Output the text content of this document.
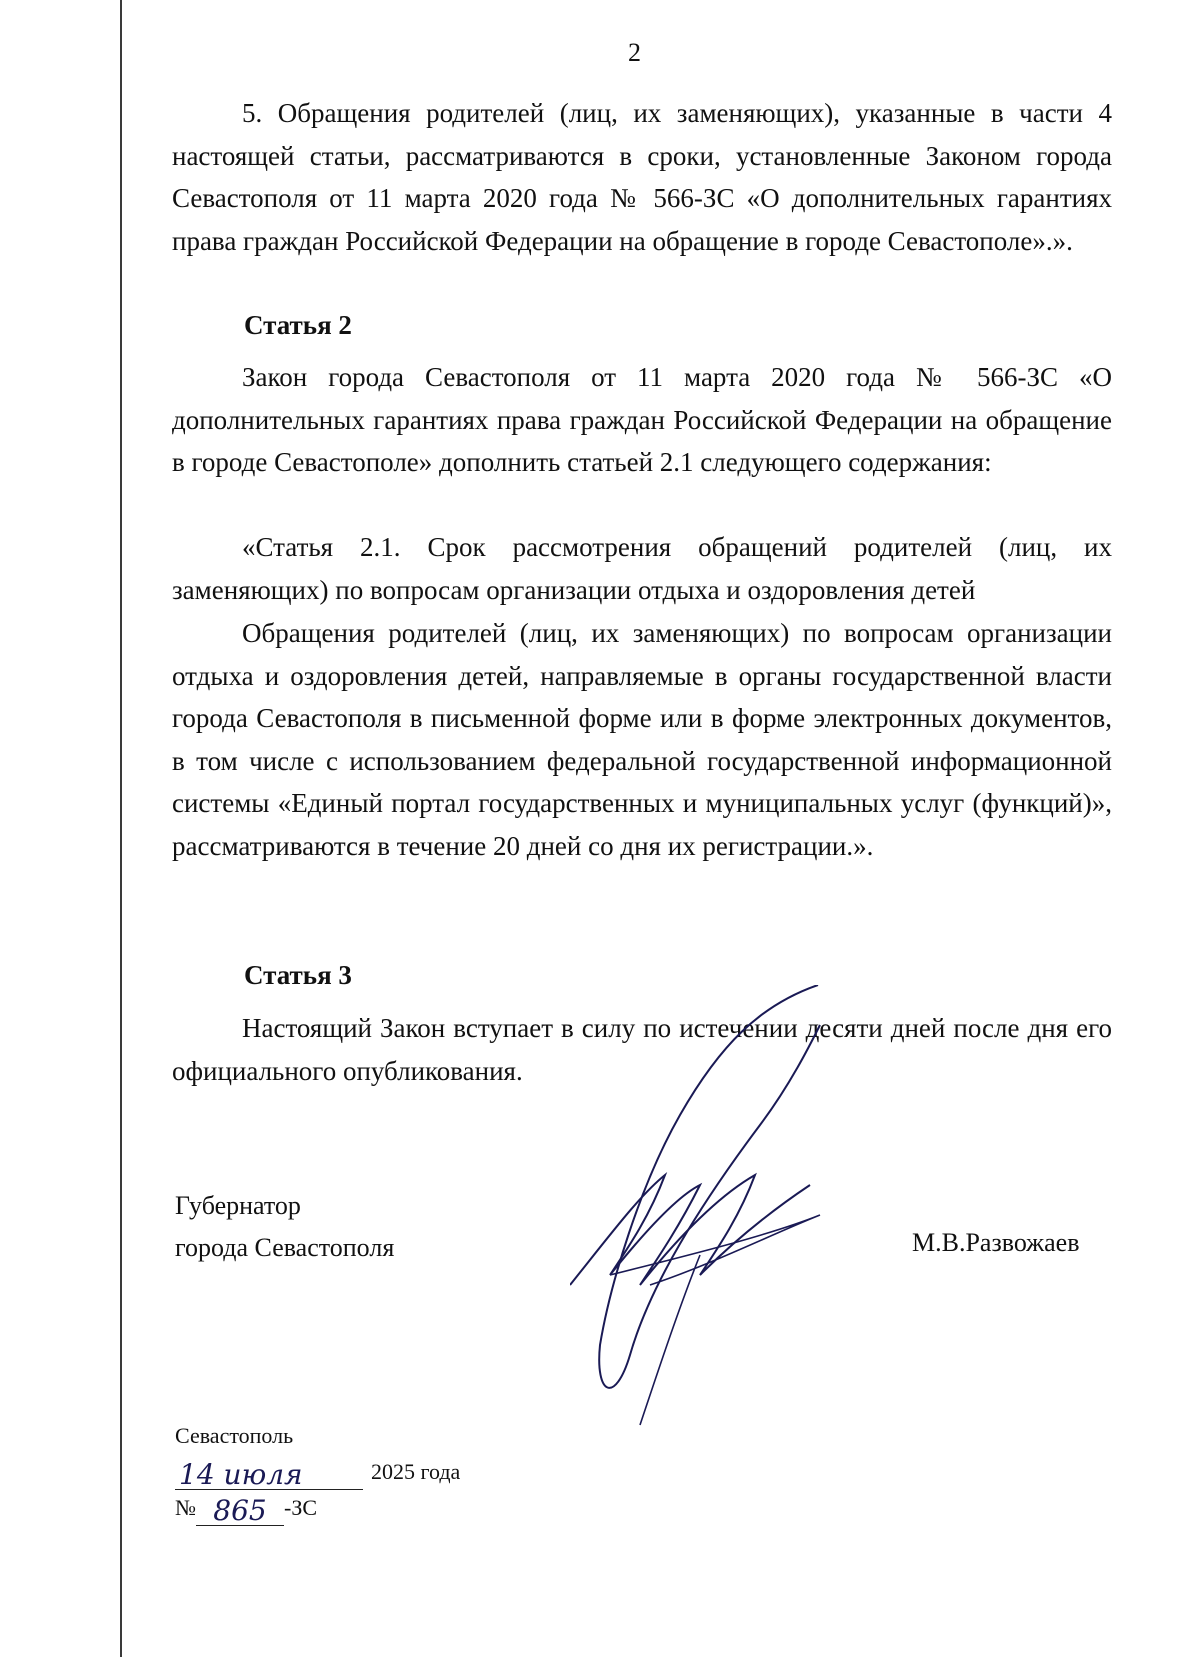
2

5. Обращения родителей (лиц, их заменяющих), указанные в части 4 настоящей статьи, рассматриваются в сроки, установленные Законом города Севастополя от 11 марта 2020 года № 566-ЗС «О дополнительных гарантиях права граждан Российской Федерации на обращение в городе Севастополе».».

Статья 2

Закон города Севастополя от 11 марта 2020 года № 566-ЗС «О дополнительных гарантиях права граждан Российской Федерации на обращение в городе Севастополе» дополнить статьей 2.1 следующего содержания:

«Статья 2.1. Срок рассмотрения обращений родителей (лиц, их заменяющих) по вопросам организации отдыха и оздоровления детей

Обращения родителей (лиц, их заменяющих) по вопросам организации отдыха и оздоровления детей, направляемые в органы государственной власти города Севастополя в письменной форме или в форме электронных документов, в том числе с использованием федеральной государственной информационной системы «Единый портал государственных и муниципальных услуг (функций)», рассматриваются в течение 20 дней со дня их регистрации.».

Статья 3

Настоящий Закон вступает в силу по истечении десяти дней после дня его официального опубликования.

Губернатор
города Севастополя	М.В.Развожаев
Севастополь
14 июля	2025 года
№ 865 -ЗС
